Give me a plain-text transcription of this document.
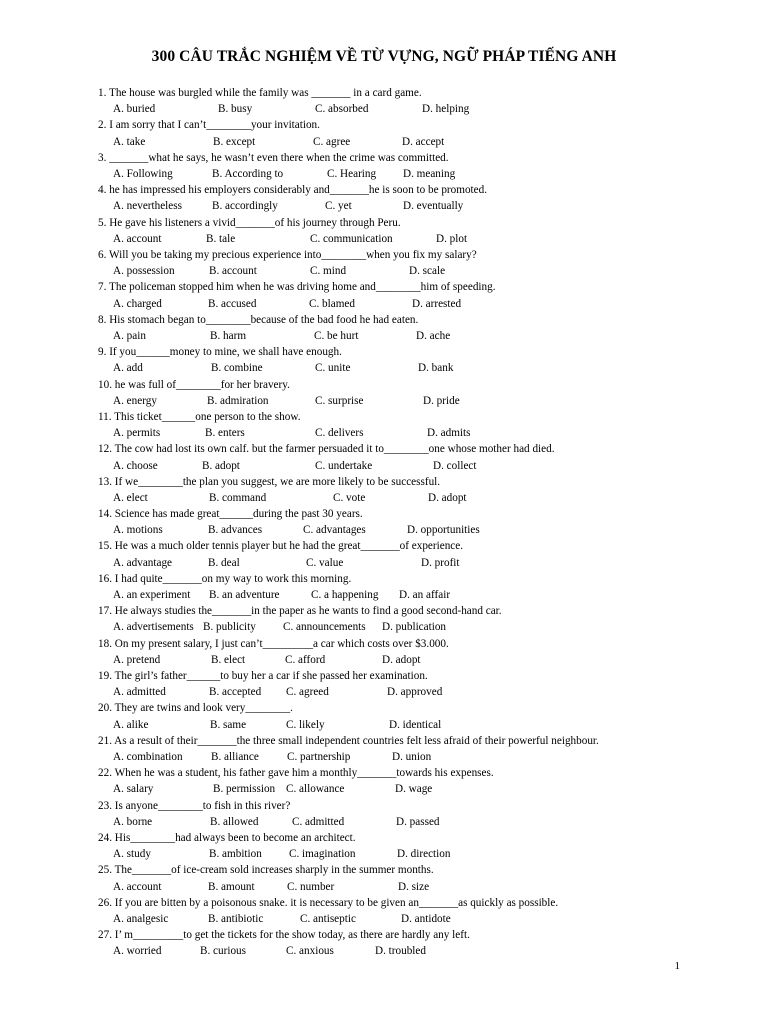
300 CÂU TRẮC NGHIỆM VỀ TỪ VỰNG, NGỮ PHÁP TIẾNG ANH
1. The house was burgled while the family was _______ in a card game.
A. buried	B. busy	C. absorbed	D. helping
2. I am sorry that I can’t________your invitation.
A. take	B. except	C. agree	D. accept
3. _______what he says, he wasn’t even there when the crime was committed.
A. Following	B. According to	C. Hearing D. meaning
4. he has impressed his employers considerably and_______he is soon to be promoted.
A. nevertheless	B. accordingly	C. yet	D. eventually
5. He gave his listeners a vivid_______of his journey through Peru.
A. account	B. tale	C. communication	D. plot
6. Will you be taking my precious experience into________when you fix my salary?
A. possession	B. account	C. mind	D. scale
7. The policeman stopped him when he was driving home and________him of speeding.
A. charged	B. accused	C. blamed	D. arrested
8. His stomach began to________because of the bad food he had eaten.
A. pain	B. harm	C. be hurt	D. ache
9. If you______money to mine, we shall have enough.
A. add	B. combine	C. unite	D. bank
10. he was full of________for her bravery.
A. energy	B. admiration	C. surprise	D. pride
11. This ticket______one person to the show.
A. permits	B. enters	C. delivers	D. admits
12. The cow had lost its own calf. but the farmer persuaded it to________one whose mother had died.
A. choose	B. adopt	C. undertake	D. collect
13. If we________the plan you suggest, we are more likely to be successful.
A. elect	B. command	C. vote	D. adopt
14. Science has made great______during the past 30 years.
A. motions	B. advances	C. advantages	D. opportunities
15. He was a much older tennis player but he had the great_______of experience.
A. advantage	B. deal	C. value	D. profit
16. I had quite_______on my way to work this morning.
A. an experiment B. an adventure	C. a happening D. an affair
17. He always studies the_______in the paper as he wants to find a good second-hand car.
A. advertisements B. publicity C. announcements D. publication
18. On my present salary, I just can’t_________a car which costs over $3.000.
A. pretend	B. elect	C. afford	D. adopt
19. The girl’s father______to buy her a car if she passed her examination.
A. admitted	B. accepted C. agreed	D. approved
20. They are twins and look very________.
A. alike	B. same	C. likely	D. identical
21. As a result of their_______the three small independent countries felt less afraid of their powerful neighbour.
A. combination	B. alliance	C. partnership	D. union
22. When he was a student, his father gave him a monthly_______towards his expenses.
A. salary	B. permission C. allowance	D. wage
23. Is anyone________to fish in this river?
A. borne	B. allowed	C. admitted	D. passed
24. His________had always been to become an architect.
A. study	B. ambition C. imagination	D. direction
25. The_______of ice-cream sold increases sharply in the summer months.
A. account	B. amount	C. number	D. size
26. If you are bitten by a poisonous snake. it is necessary to be given an_______as quickly as possible.
A. analgesic	B. antibiotic	C. antiseptic	D. antidote
27. I’ m_________to get the tickets for the show today, as there are hardly any left.
A. worried	B. curious	C. anxious	D. troubled
1
